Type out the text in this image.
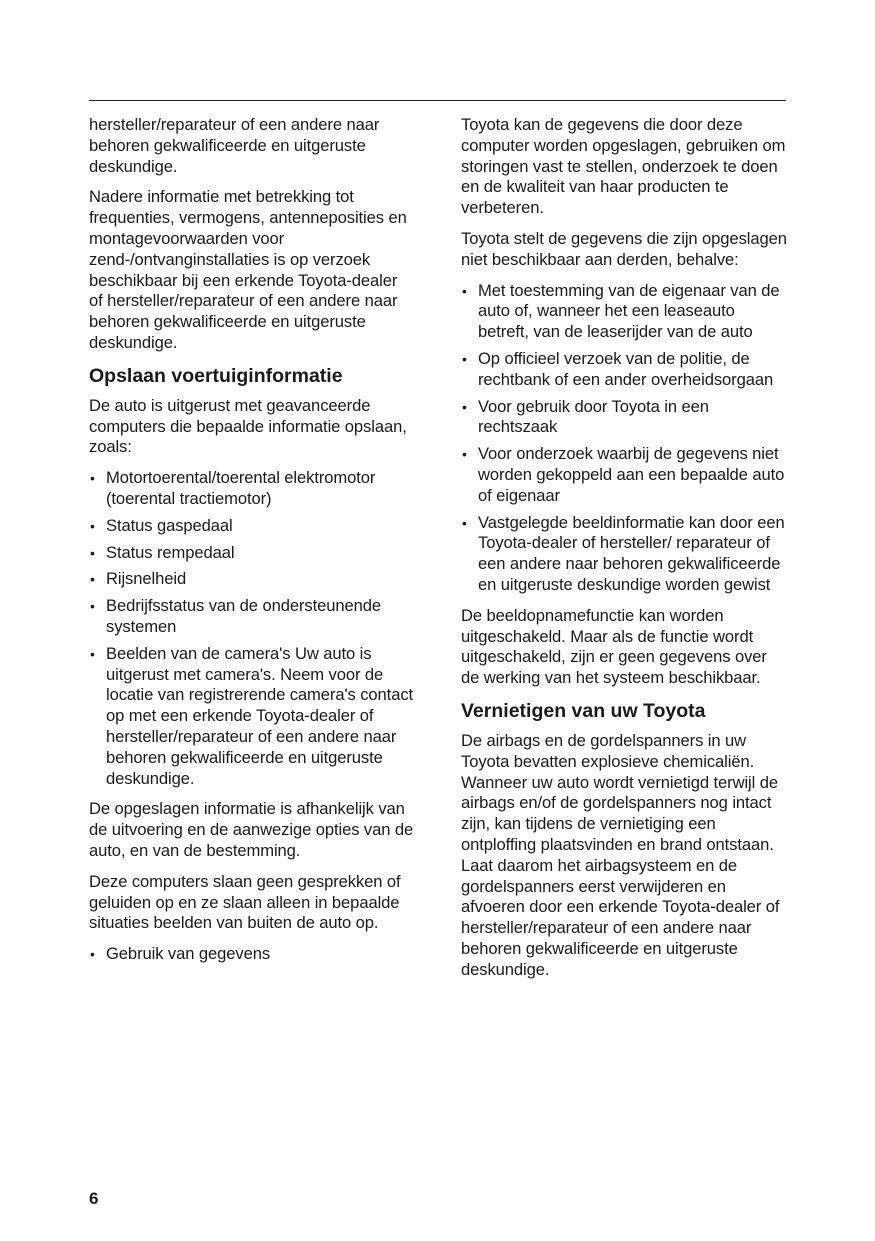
hersteller/reparateur of een andere naar behoren gekwalificeerde en uitgeruste deskundige.

Nadere informatie met betrekking tot frequenties, vermogens, antenneposities en montagevoorwaarden voor zend-/ontvanginstallaties is op verzoek beschikbaar bij een erkende Toyota-dealer of hersteller/reparateur of een andere naar behoren gekwalificeerde en uitgeruste deskundige.

Opslaan voertuiginformatie

De auto is uitgerust met geavanceerde computers die bepaalde informatie opslaan, zoals:

• Motortoerental/toerental elektromotor (toerental tractiemotor)
• Status gaspedaal
• Status rempedaal
• Rijsnelheid
• Bedrijfsstatus van de ondersteunende systemen
• Beelden van de camera's Uw auto is uitgerust met camera's. Neem voor de locatie van registrerende camera's contact op met een erkende Toyota-dealer of hersteller/reparateur of een andere naar behoren gekwalificeerde en uitgeruste deskundige.

De opgeslagen informatie is afhankelijk van de uitvoering en de aanwezige opties van de auto, en van de bestemming.

Deze computers slaan geen gesprekken of geluiden op en ze slaan alleen in bepaalde situaties beelden van buiten de auto op.

• Gebruik van gegevens

Toyota kan de gegevens die door deze computer worden opgeslagen, gebruiken om storingen vast te stellen, onderzoek te doen en de kwaliteit van haar producten te verbeteren.

Toyota stelt de gegevens die zijn opgeslagen niet beschikbaar aan derden, behalve:

• Met toestemming van de eigenaar van de auto of, wanneer het een leaseauto betreft, van de leaserijder van de auto
• Op officieel verzoek van de politie, de rechtbank of een ander overheidsorgaan
• Voor gebruik door Toyota in een rechtszaak
• Voor onderzoek waarbij de gegevens niet worden gekoppeld aan een bepaalde auto of eigenaar
• Vastgelegde beeldinformatie kan door een Toyota-dealer of hersteller/ reparateur of een andere naar behoren gekwalificeerde en uitgeruste deskundige worden gewist

De beeldopnamefunctie kan worden uitgeschakeld. Maar als de functie wordt uitgeschakeld, zijn er geen gegevens over de werking van het systeem beschikbaar.

Vernietigen van uw Toyota

De airbags en de gordelspanners in uw Toyota bevatten explosieve chemicaliën. Wanneer uw auto wordt vernietigd terwijl de airbags en/of de gordelspanners nog intact zijn, kan tijdens de vernietiging een ontploffing plaatsvinden en brand ontstaan. Laat daarom het airbagsysteem en de gordelspanners eerst verwijderen en afvoeren door een erkende Toyota-dealer of hersteller/reparateur of een andere naar behoren gekwalificeerde en uitgeruste deskundige.

6
